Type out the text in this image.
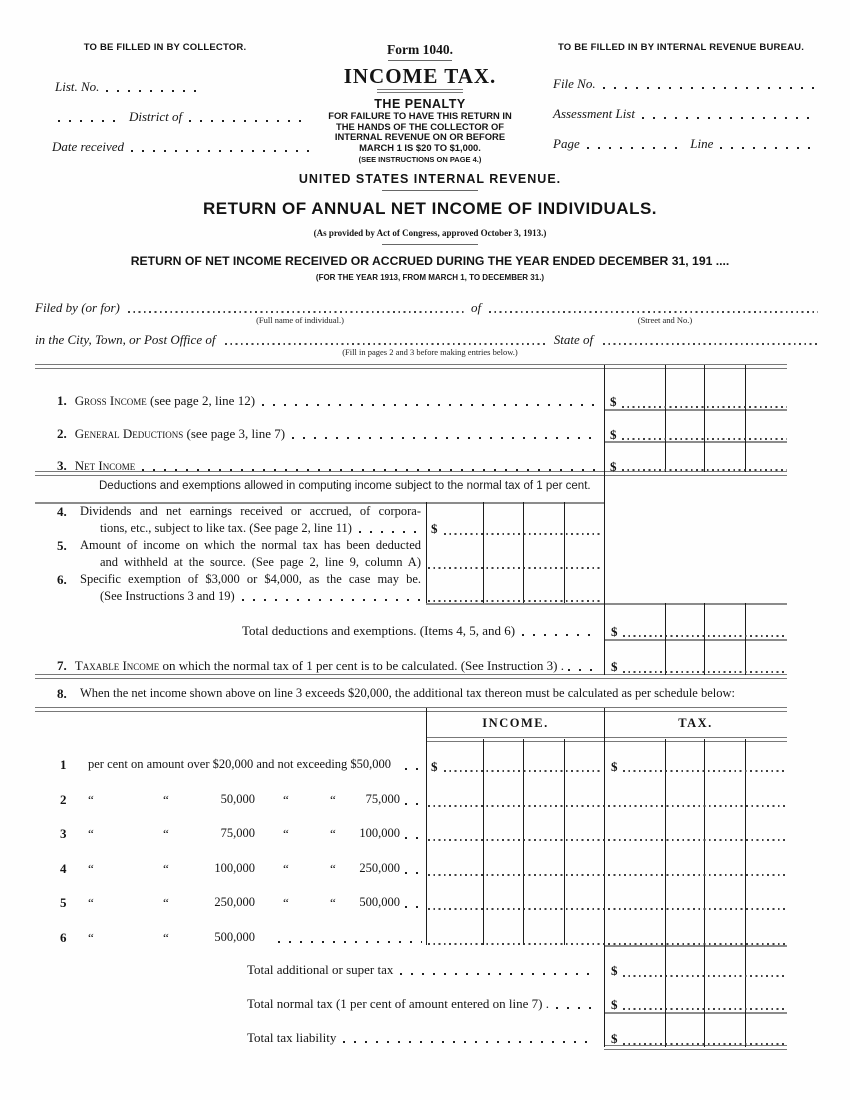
TO BE FILLED IN BY COLLECTOR.
List. No.
District of
Date received
Form 1040.
INCOME TAX.
THE PENALTY
FOR FAILURE TO HAVE THIS RETURN IN
THE HANDS OF THE COLLECTOR OF
INTERNAL REVENUE ON OR BEFORE
MARCH 1 IS $20 TO $1,000.
(SEE INSTRUCTIONS ON PAGE 4.)
TO BE FILLED IN BY INTERNAL REVENUE BUREAU.
File No.
Assessment List
Page	Line
UNITED STATES INTERNAL REVENUE.
RETURN OF ANNUAL NET INCOME OF INDIVIDUALS.
(As provided by Act of Congress, approved October 3, 1913.)
RETURN OF NET INCOME RECEIVED OR ACCRUED DURING THE YEAR ENDED DECEMBER 31, 191 ....
(FOR THE YEAR 1913, FROM MARCH 1, TO DECEMBER 31.)
Filed by (or for)	of
(Full name of individual.)	(Street and No.)
in the City, Town, or Post Office of	State of
(Fill in pages 2 and 3 before making entries below.)
1. Gross Income (see page 2, line 12)	$
2. General Deductions (see page 3, line 7)	$
3. Net Income	$
Deductions and exemptions allowed in computing income subject to the normal tax of 1 per cent.
4. Dividends and net earnings received or accrued, of corpora-
tions, etc., subject to like tax. (See page 2, line 11)	$
5. Amount of income on which the normal tax has been deducted
and withheld at the source. (See page 2, line 9, column A)
6. Specific exemption of $3,000 or $4,000, as the case may be.
(See Instructions 3 and 19)
Total deductions and exemptions. (Items 4, 5, and 6)	$
7. Taxable Income on which the normal tax of 1 per cent is to be calculated. (See Instruction 3) .	$
8. When the net income shown above on line 3 exceeds $20,000, the additional tax thereon must be calculated as per schedule below:
INCOME.	TAX.
1 per cent on amount over $20,000 and not exceeding $50,000	$	$
2 “	“	50,000 “	“	75,000
3 “	“	75,000 “	“	100,000
4 “	“	100,000 “	“	250,000
5 “	“	250,000 “	“	500,000
6 “	“	500,000
Total additional or super tax	$
Total normal tax (1 per cent of amount entered on line 7) .	$
Total tax liability	$
